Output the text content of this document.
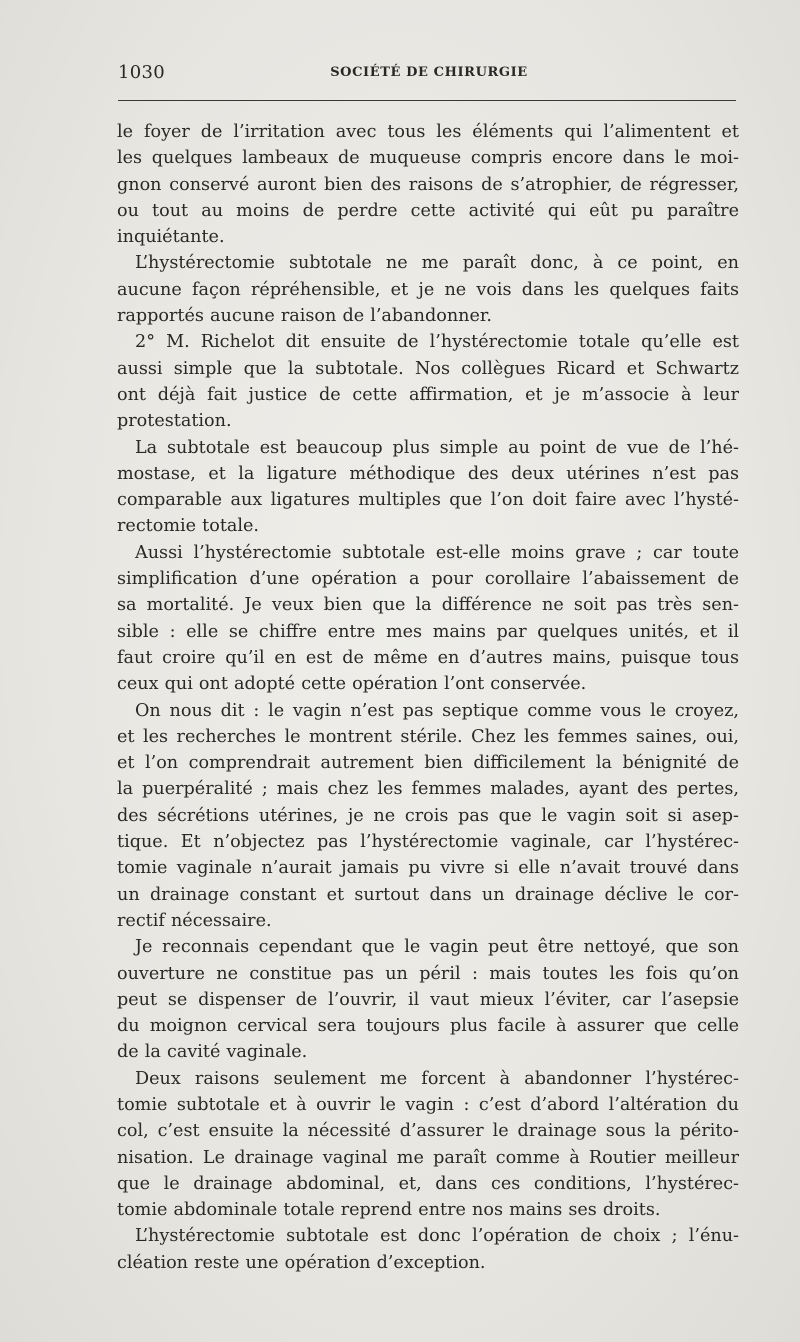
1030	SOCIÉTÉ DE CHIRURGIE
le foyer de l’irritation avec tous les éléments qui l’alimentent et
les quelques lambeaux de muqueuse compris encore dans le moi-
gnon conservé auront bien des raisons de s’atrophier, de régresser,
ou tout au moins de perdre cette activité qui eût pu paraître
inquiétante.
L’hystérectomie subtotale ne me paraît donc, à ce point, en
aucune façon répréhensible, et je ne vois dans les quelques faits
rapportés aucune raison de l’abandonner.
2° M. Richelot dit ensuite de l’hystérectomie totale qu’elle est
aussi simple que la subtotale. Nos collègues Ricard et Schwartz
ont déjà fait justice de cette affirmation, et je m’associe à leur
protestation.
La subtotale est beaucoup plus simple au point de vue de l’hé-
mostase, et la ligature méthodique des deux utérines n’est pas
comparable aux ligatures multiples que l’on doit faire avec l’hysté-
rectomie totale.
Aussi l’hystérectomie subtotale est-elle moins grave ; car toute
simplification d’une opération a pour corollaire l’abaissement de
sa mortalité. Je veux bien que la différence ne soit pas très sen-
sible : elle se chiffre entre mes mains par quelques unités, et il
faut croire qu’il en est de même en d’autres mains, puisque tous
ceux qui ont adopté cette opération l’ont conservée.
On nous dit : le vagin n’est pas septique comme vous le croyez,
et les recherches le montrent stérile. Chez les femmes saines, oui,
et l’on comprendrait autrement bien difficilement la bénignité de
la puerpéralité ; mais chez les femmes malades, ayant des pertes,
des sécrétions utérines, je ne crois pas que le vagin soit si asep-
tique. Et n’objectez pas l’hystérectomie vaginale, car l’hystérec-
tomie vaginale n’aurait jamais pu vivre si elle n’avait trouvé dans
un drainage constant et surtout dans un drainage déclive le cor-
rectif nécessaire.
Je reconnais cependant que le vagin peut être nettoyé, que son
ouverture ne constitue pas un péril : mais toutes les fois qu’on
peut se dispenser de l’ouvrir, il vaut mieux l’éviter, car l’asepsie
du moignon cervical sera toujours plus facile à assurer que celle
de la cavité vaginale.
Deux raisons seulement me forcent à abandonner l’hystérec-
tomie subtotale et à ouvrir le vagin : c’est d’abord l’altération du
col, c’est ensuite la nécessité d’assurer le drainage sous la périto-
nisation. Le drainage vaginal me paraît comme à Routier meilleur
que le drainage abdominal, et, dans ces conditions, l’hystérec-
tomie abdominale totale reprend entre nos mains ses droits.
L’hystérectomie subtotale est donc l’opération de choix ; l’énu-
cléation reste une opération d’exception.
